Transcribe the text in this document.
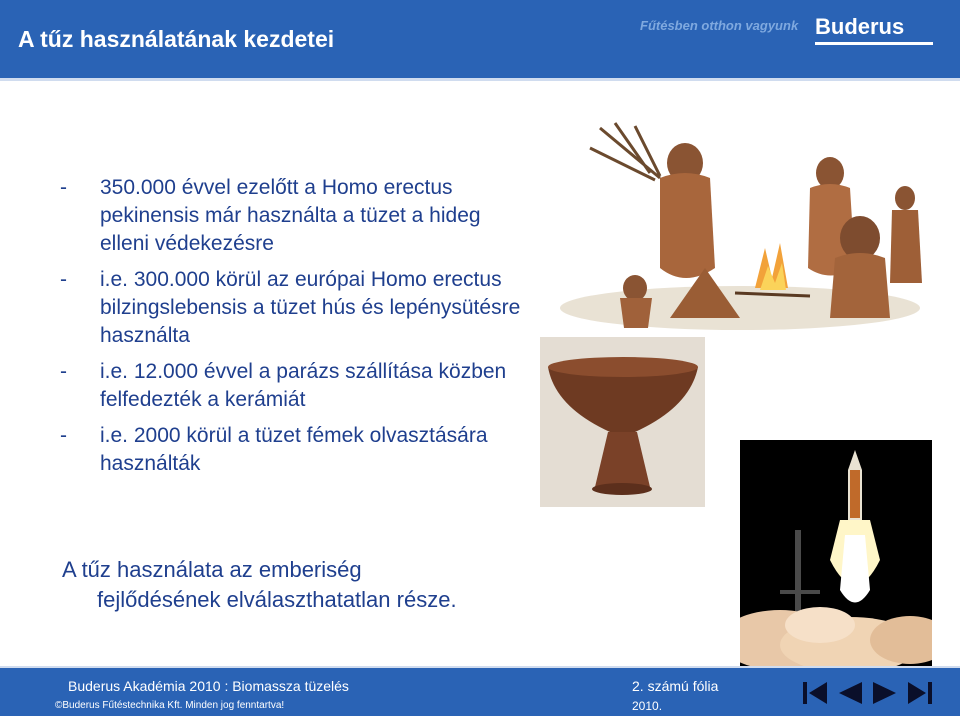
A tűz használatának kezdetei
Fűtésben otthon vagyunk Buderus
- 350.000 évvel ezelőtt a Homo erectus pekinensis már használta a tüzet a hideg elleni védekezésre
- i.e. 300.000 körül az európai Homo erectus bilzingslebensis a tüzet hús és lepénysütésre használta
- i.e. 12.000 évvel a parázs szállítása közben felfedezték a kerámiát
- i.e. 2000 körül a tüzet fémek olvasztására használták
A tűz használata az emberiség
fejlődésének elválaszthatatlan része.
Buderus Akadémia 2010 : Biomassza tüzelés
©Buderus Fűtéstechnika Kft. Minden jog fenntartva!
2. számú fólia
2010.
